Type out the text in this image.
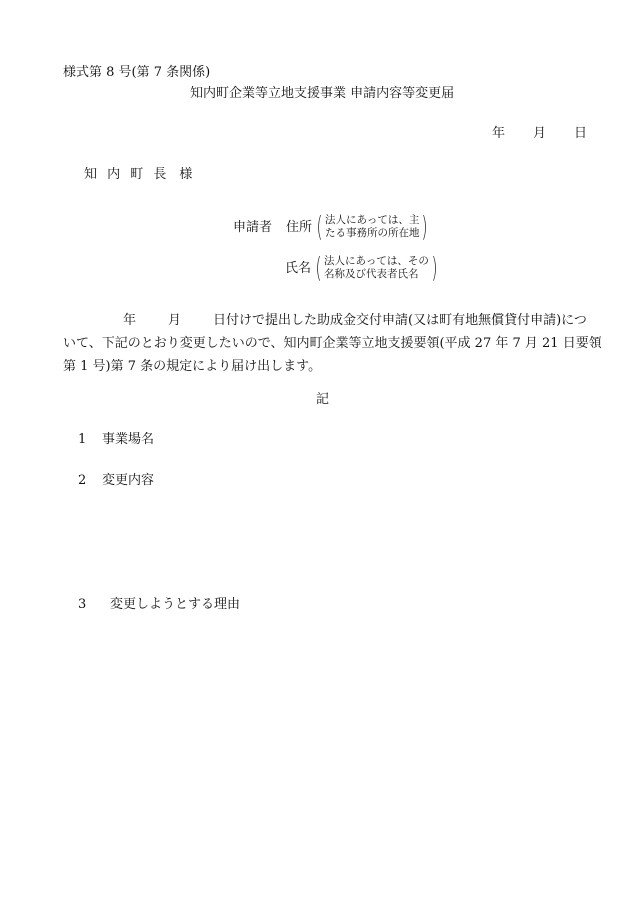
様式第 8 号(第 7 条関係)
知内町企業等立地支援事業 申請内容等変更届
年 月 日
知 内 町 長 様
申請者 住所 ( 法人にあっては、主
たる事務所の所在地 )
氏名 ( 法人にあっては、その
名称及び代表者氏名 )
年 月 日付けで提出した助成金交付申請(又は町有地無償貸付申請)につ
いて、下記のとおり変更したいので、知内町企業等立地支援要領(平成 27 年 7 月 21 日要領
第 1 号)第 7 条の規定により届け出します。
記
1 事業場名
2 変更内容
3 変更しようとする理由
